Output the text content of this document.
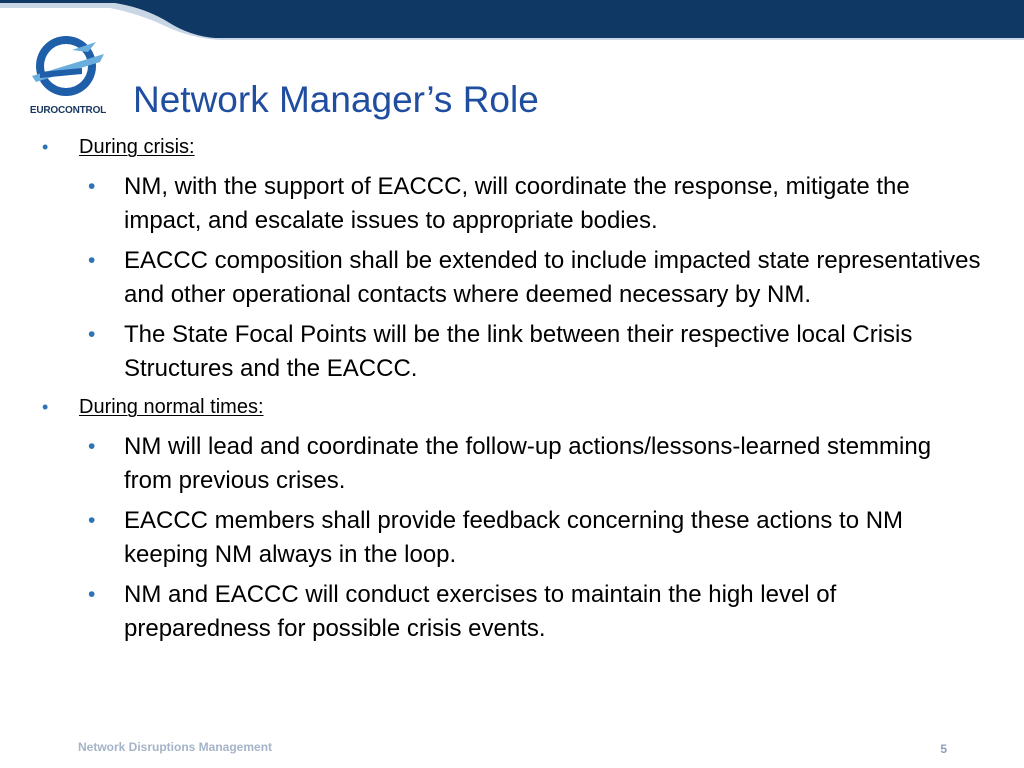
EUROCONTROL Network Manager’s Role
• During crisis:
• NM, with the support of EACCC, will coordinate the response, mitigate the impact, and escalate issues to appropriate bodies.
• EACCC composition shall be extended to include impacted state representatives and other operational contacts where deemed necessary by NM.
• The State Focal Points will be the link between their respective local Crisis Structures and the EACCC.
• During normal times:
• NM will lead and coordinate the follow-up actions/lessons-learned stemming from previous crises.
• EACCC members shall provide feedback concerning these actions to NM keeping NM always in the loop.
• NM and EACCC will conduct exercises to maintain the high level of preparedness for possible crisis events.
Network Disruptions Management	5
